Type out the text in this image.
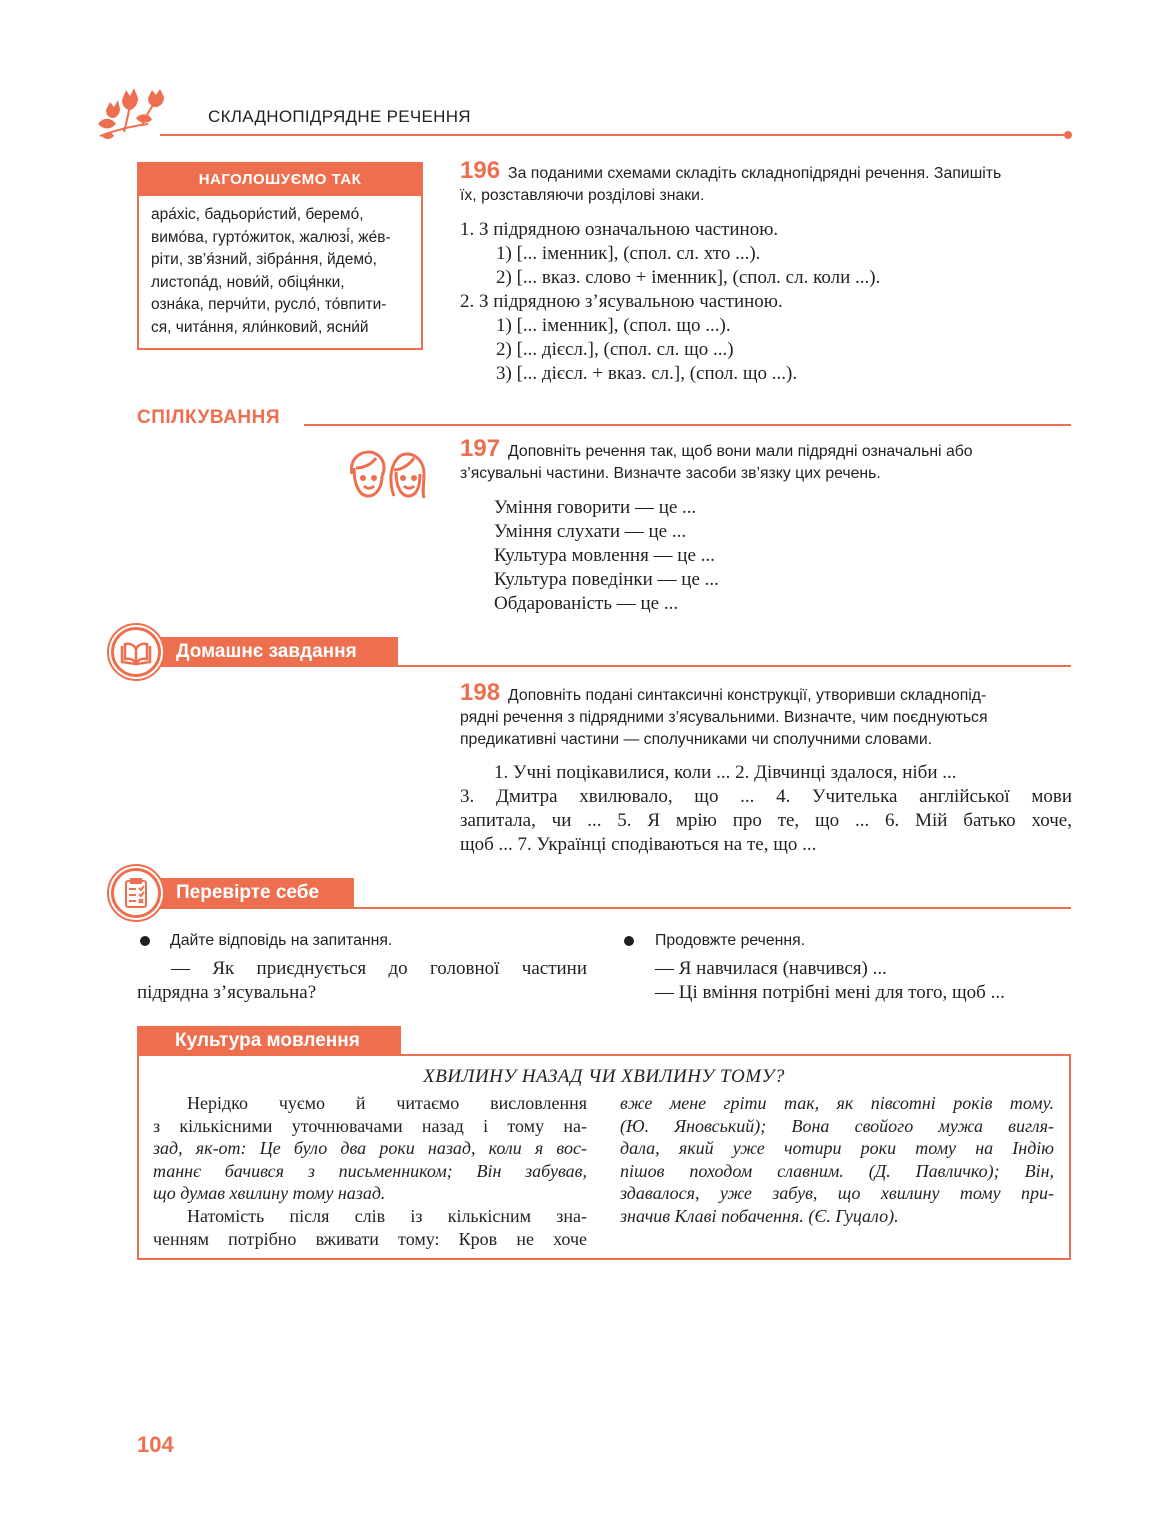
СКЛАДНОПІДРЯДНЕ РЕЧЕННЯ
НАГОЛОШУЄМО ТАК
ара́хіс, бадьори́стий, беремо́,
вимо́ва, гурто́житок, жалюзі́, же́в-
ріти, зв’я́зний, зібра́ння, йдемо́,
листопа́д, нови́й, обіця́нки,
озна́ка, перчи́ти, русло́, то́впити-
ся, чита́ння, яли́нковий, ясни́й
196 За поданими схемами складіть складнопідрядні речення. Запишіть
їх, розставляючи розділові знаки.
1. З підрядною означальною частиною.
1) [... іменник], (спол. сл. хто ...).
2) [... вказ. слово + іменник], (спол. сл. коли ...).
2. З підрядною з’ясувальною частиною.
1) [... іменник], (спол. що ...).
2) [... дієсл.], (спол. сл. що ...)
3) [... дієсл. + вказ. сл.], (спол. що ...).
СПІЛКУВАННЯ
197 Доповніть речення так, щоб вони мали підрядні означальні або
з’ясувальні частини. Визначте засоби зв’язку цих речень.
Уміння говорити — це ...
Уміння слухати — це ...
Культура мовлення — це ...
Культура поведінки — це ...
Обдарованість — це ...
Домашнє завдання
198 Доповніть подані синтаксичні конструкції, утворивши складнопід-
рядні речення з підрядними з’ясувальними. Визначте, чим поєднуються
предикативні частини — сполучниками чи сполучними словами.
1. Учні поцікавилися, коли ... 2. Дівчинці здалося, ніби ...
3. Дмитра хвилювало, що ... 4. Учителька англійської мови
запитала, чи ... 5. Я мрію про те, що ... 6. Мій батько хоче,
щоб ... 7. Українці сподіваються на те, що ...
Перевірте себе
Дайте відповідь на запитання.
— Як приєднується до головної частини
підрядна з’ясувальна?
Продовжте речення.
— Я навчилася (навчився) ...
— Ці вміння потрібні мені для того, щоб ...
Культура мовлення
ХВИЛИНУ НАЗАД ЧИ ХВИЛИНУ ТОМУ?
Нерідко чуємо й читаємо висловлення
з кількісними уточнювачами назад і тому на-
зад, як-от: Це було два роки назад, коли я вос-
таннє бачився з письменником; Він забував,
що думав хвилину тому назад.
Натомість після слів із кількісним зна-
ченням потрібно вживати тому: Кров не хоче
вже мене гріти так, як півсотні років тому.
(Ю. Яновський); Вона свойого мужа вигля-
дала, який уже чотири роки тому на Індію
пішов походом славним. (Д. Павличко); Він,
здавалося, уже забув, що хвилину тому при-
значив Клаві побачення. (Є. Гуцало).
104
